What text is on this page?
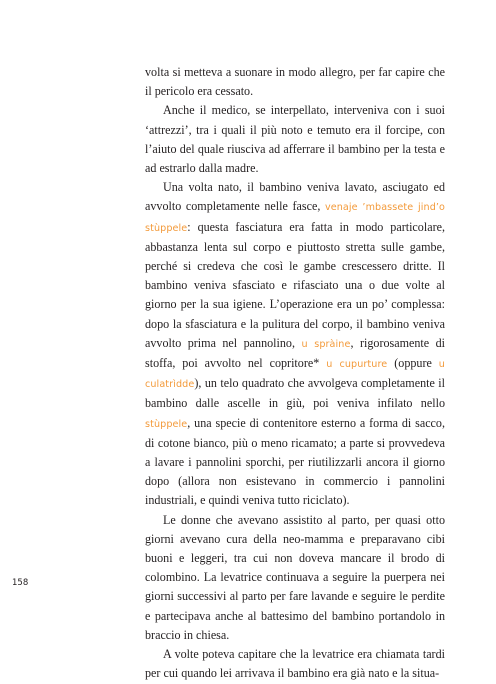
volta si metteva a suonare in modo allegro, per far capire che il pericolo era cessato.

Anche il medico, se interpellato, interveniva con i suoi ‘attrezzi’, tra i quali il più noto e temuto era il forcipe, con l’aiuto del quale riusciva ad afferrare il bambino per la testa e ad estrarlo dalla madre.

Una volta nato, il bambino veniva lavato, asciugato ed avvolto completamente nelle fasce, venaje ’mbassete jind’o stùppele: questa fasciatura era fatta in modo particolare, abbastanza lenta sul corpo e piuttosto stretta sulle gambe, perché si credeva che così le gambe crescessero dritte. Il bambino veniva sfasciato e rifasciato una o due volte al giorno per la sua igiene. L’operazione era un po’ complessa: dopo la sfasciatura e la pulitura del corpo, il bambino veniva avvolto prima nel pannolino, u spràine, rigorosamente di stoffa, poi avvolto nel copritore* u cupurture (oppure u culatrìdde), un telo quadrato che avvolgeva completamente il bambino dalle ascelle in giù, poi veniva infilato nello stùppele, una specie di contenitore esterno a forma di sacco, di cotone bianco, più o meno ricamato; a parte si provvedeva a lavare i pannolini sporchi, per riutilizzarli ancora il giorno dopo (allora non esistevano in commercio i pannolini industriali, e quindi veniva tutto riciclato).

Le donne che avevano assistito al parto, per quasi otto giorni avevano cura della neo-mamma e preparavano cibi buoni e leggeri, tra cui non doveva mancare il brodo di colombino. La levatrice continuava a seguire la puerpera nei giorni successivi al parto per fare lavande e seguire le perdite e partecipava anche al battesimo del bambino portandolo in braccio in chiesa.

A volte poteva capitare che la levatrice era chiamata tardi per cui quando lei arrivava il bambino era già nato e la situa-

158
